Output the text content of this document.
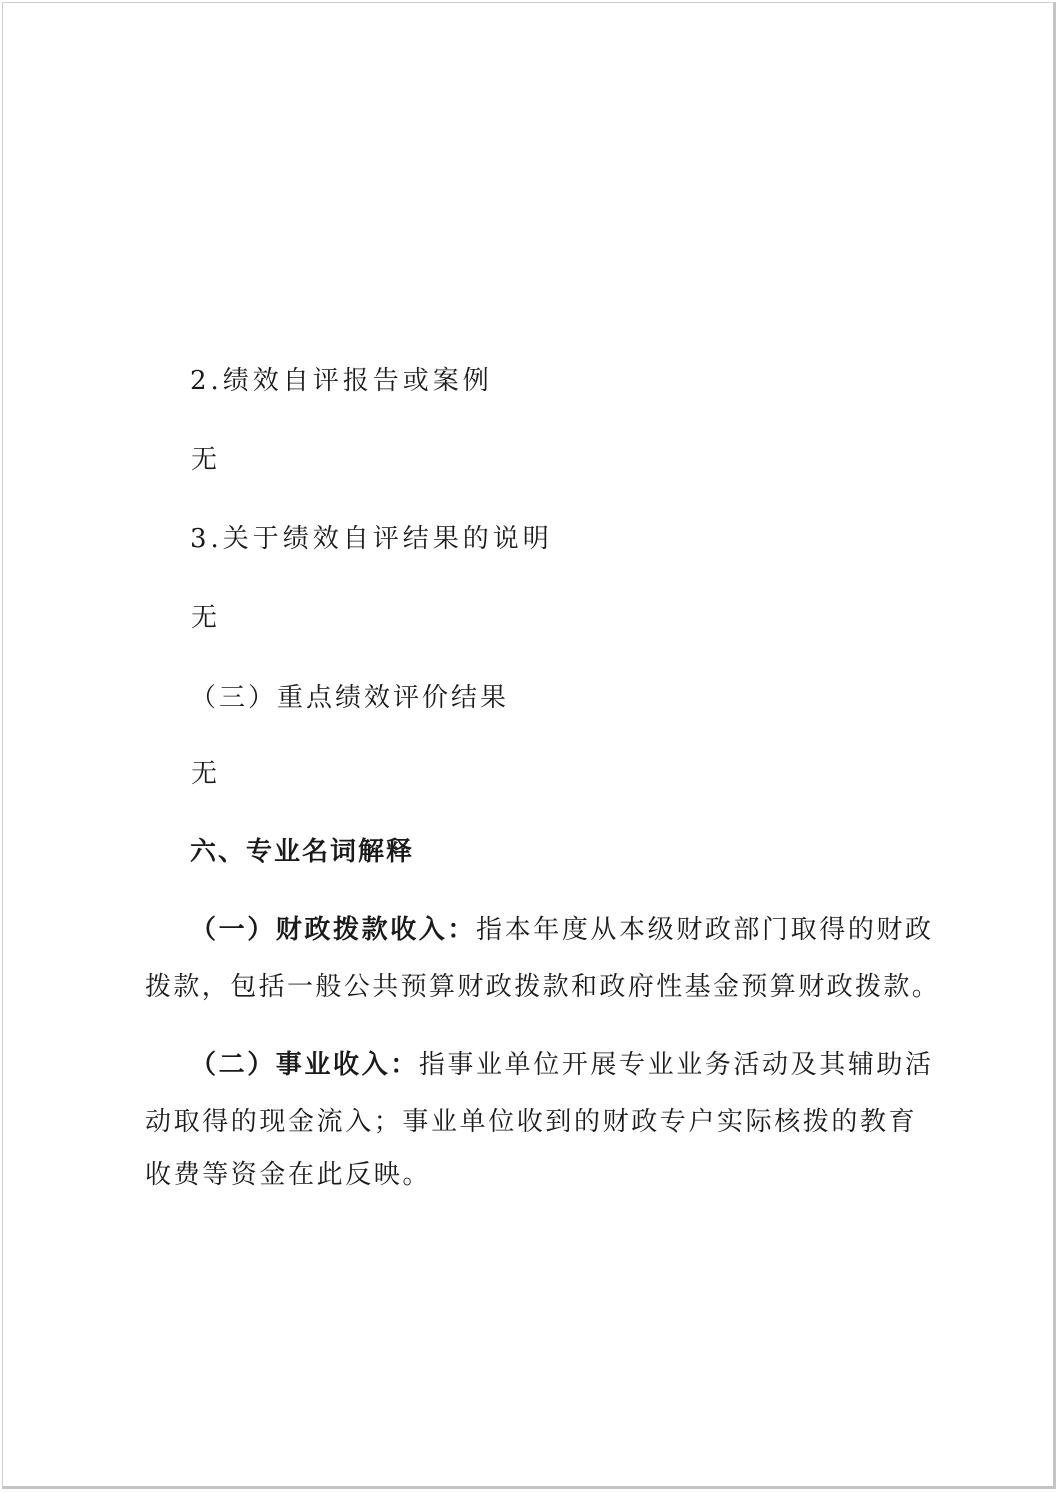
2.绩效自评报告或案例
无
3.关于绩效自评结果的说明
无
（三）重点绩效评价结果
无
六、专业名词解释
（一）财政拨款收入：指本年度从本级财政部门取得的财政
拨款，包括一般公共预算财政拨款和政府性基金预算财政拨款。
（二）事业收入：指事业单位开展专业业务活动及其辅助活
动取得的现金流入；事业单位收到的财政专户实际核拨的教育
收费等资金在此反映。
